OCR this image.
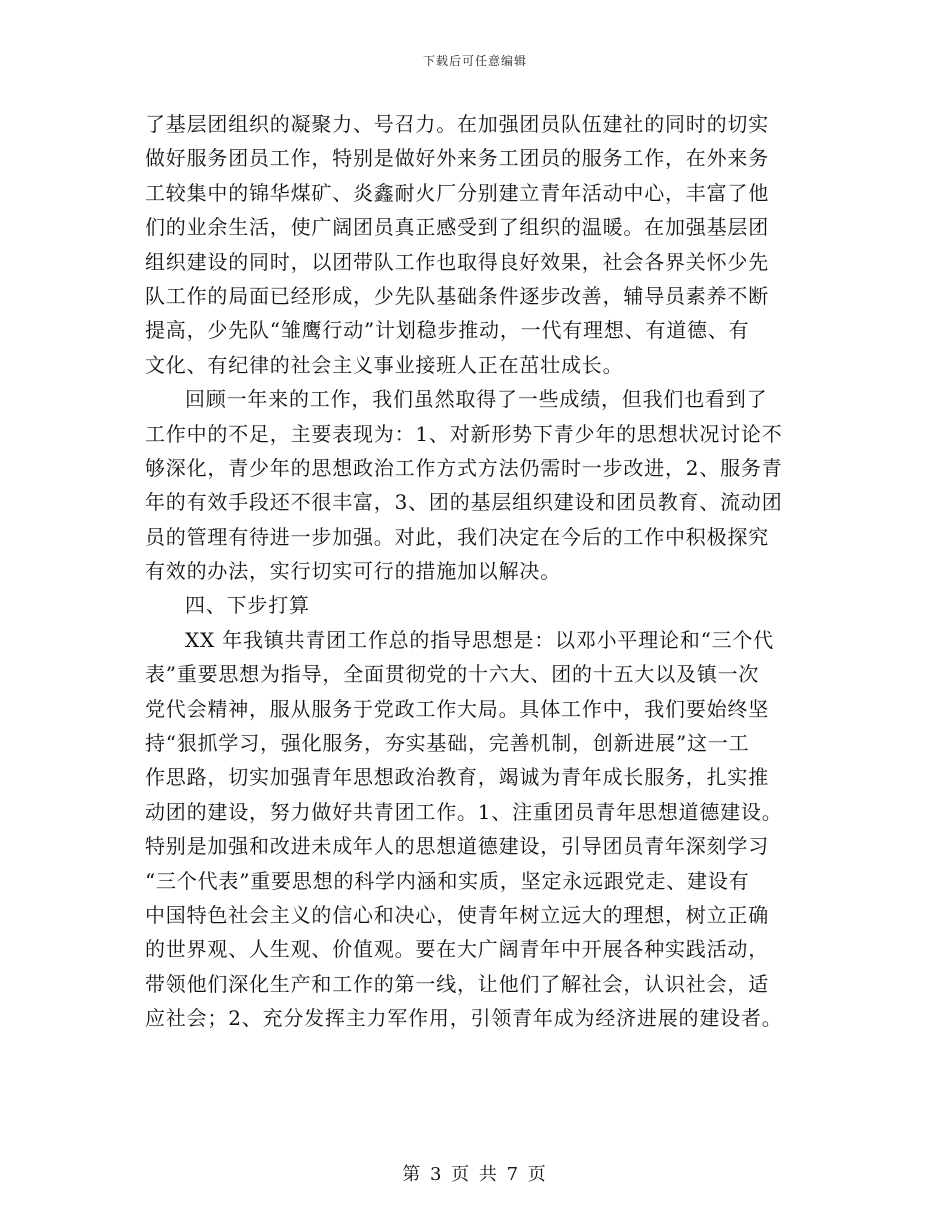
下载后可任意编辑
了基层团组织的凝聚力、号召力。在加强团员队伍建社的同时的切实
做好服务团员工作，特别是做好外来务工团员的服务工作，在外来务
工较集中的锦华煤矿、炎鑫耐火厂分别建立青年活动中心，丰富了他
们的业余生活，使广阔团员真正感受到了组织的温暖。在加强基层团
组织建设的同时，以团带队工作也取得良好效果，社会各界关怀少先
队工作的局面已经形成，少先队基础条件逐步改善，辅导员素养不断
提高，少先队“雏鹰行动”计划稳步推动，一代有理想、有道德、有
文化、有纪律的社会主义事业接班人正在茁壮成长。
回顾一年来的工作，我们虽然取得了一些成绩，但我们也看到了
工作中的不足，主要表现为：1、对新形势下青少年的思想状况讨论不
够深化，青少年的思想政治工作方式方法仍需时一步改进，2、服务青
年的有效手段还不很丰富，3、团的基层组织建设和团员教育、流动团
员的管理有待进一步加强。对此，我们决定在今后的工作中积极探究
有效的办法，实行切实可行的措施加以解决。
四、下步打算
XX 年我镇共青团工作总的指导思想是：以邓小平理论和“三个代
表”重要思想为指导，全面贯彻党的十六大、团的十五大以及镇一次
党代会精神，服从服务于党政工作大局。具体工作中，我们要始终坚
持“狠抓学习，强化服务，夯实基础，完善机制，创新进展”这一工
作思路，切实加强青年思想政治教育，竭诚为青年成长服务，扎实推
动团的建设，努力做好共青团工作。1、注重团员青年思想道德建设。
特别是加强和改进未成年人的思想道德建设，引导团员青年深刻学习
“三个代表”重要思想的科学内涵和实质，坚定永远跟党走、建设有
中国特色社会主义的信心和决心，使青年树立远大的理想，树立正确
的世界观、人生观、价值观。要在大广阔青年中开展各种实践活动，
带领他们深化生产和工作的第一线，让他们了解社会，认识社会，适
应社会；2、充分发挥主力军作用，引领青年成为经济进展的建设者。
第 3 页 共 7 页
